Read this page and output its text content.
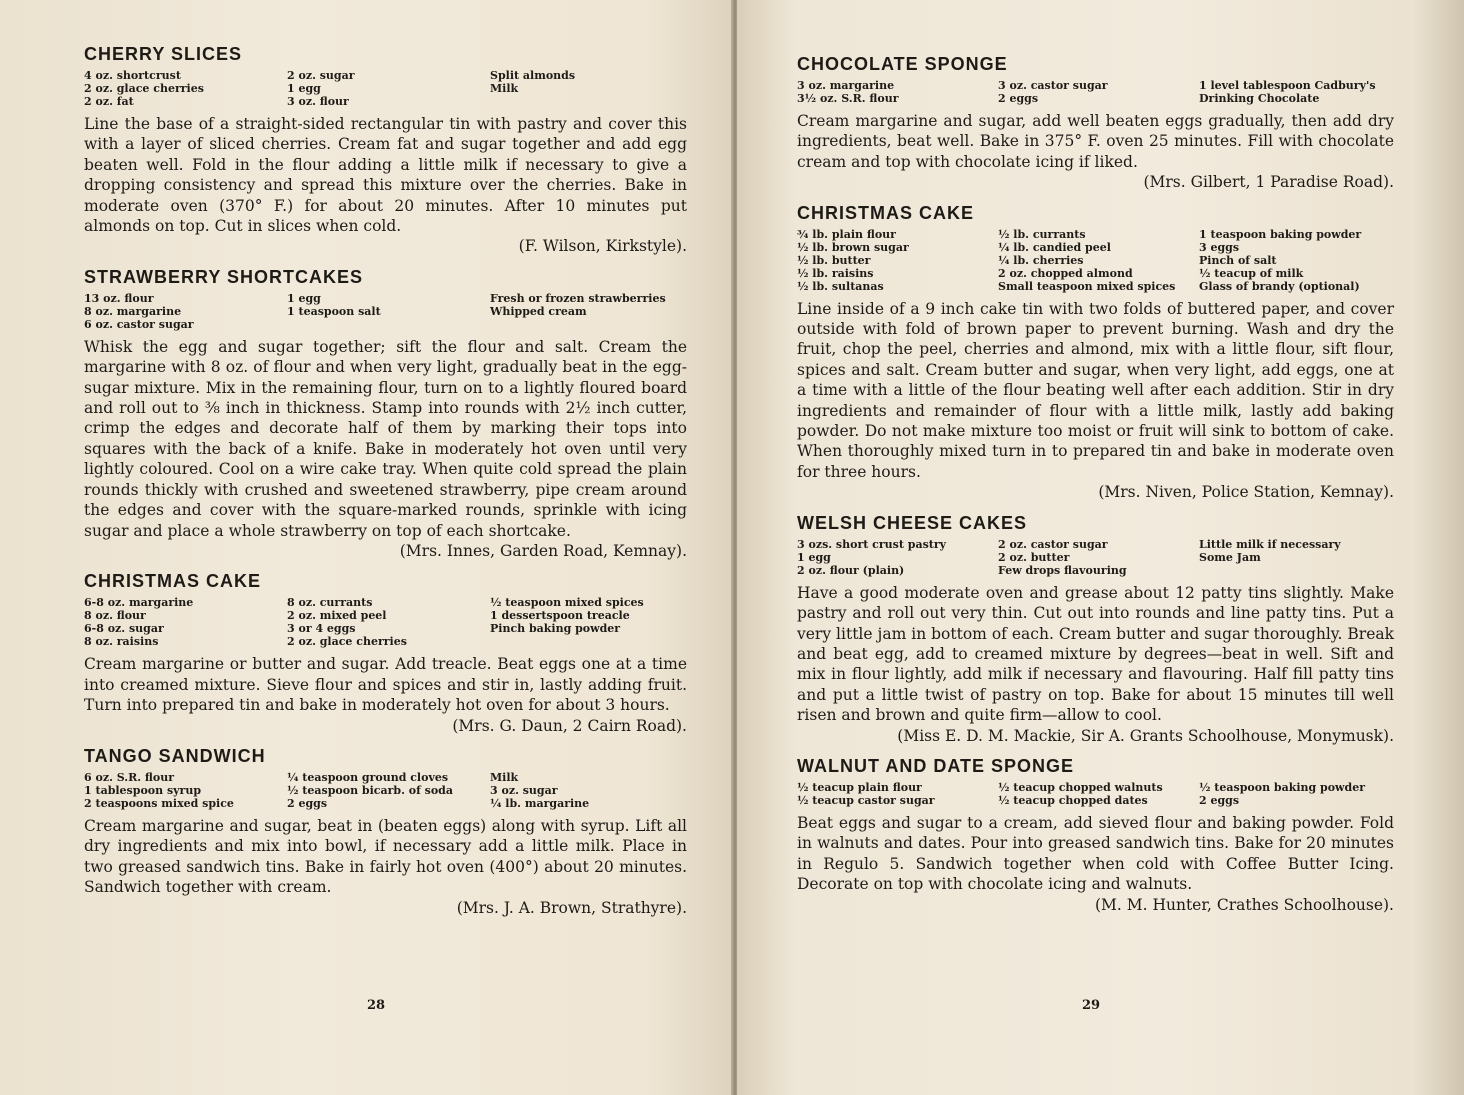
CHERRY SLICES
4 oz. shortcrust	2 oz. sugar	Split almonds
2 oz. glace cherries	1 egg	Milk
2 oz. fat	3 oz. flour

Line the base of a straight-sided rectangular tin with pastry and cover this with a layer of sliced cherries. Cream fat and sugar together and add egg beaten well. Fold in the flour adding a little milk if necessary to give a dropping consistency and spread this mixture over the cherries. Bake in moderate oven (370° F.) for about 20 minutes. After 10 minutes put almonds on top. Cut in slices when cold.

(F. Wilson, Kirkstyle).

STRAWBERRY SHORTCAKES
13 oz. flour	1 egg	Fresh or frozen strawberries
8 oz. margarine	1 teaspoon salt	Whipped cream
6 oz. castor sugar

Whisk the egg and sugar together; sift the flour and salt. Cream the margarine with 8 oz. of flour and when very light, gradually beat in the egg-sugar mixture. Mix in the remaining flour, turn on to a lightly floured board and roll out to ⅜ inch in thickness. Stamp into rounds with 2½ inch cutter, crimp the edges and decorate half of them by marking their tops into squares with the back of a knife. Bake in moderately hot oven until very lightly coloured. Cool on a wire cake tray. When quite cold spread the plain rounds thickly with crushed and sweetened strawberry, pipe cream around the edges and cover with the square-marked rounds, sprinkle with icing sugar and place a whole strawberry on top of each shortcake.

(Mrs. Innes, Garden Road, Kemnay).

CHRISTMAS CAKE
6-8 oz. margarine	8 oz. currants	½ teaspoon mixed spices
8 oz. flour	2 oz. mixed peel	1 dessertspoon treacle
6-8 oz. sugar	3 or 4 eggs	Pinch baking powder
8 oz. raisins	2 oz. glace cherries

Cream margarine or butter and sugar. Add treacle. Beat eggs one at a time into creamed mixture. Sieve flour and spices and stir in, lastly adding fruit. Turn into prepared tin and bake in moderately hot oven for about 3 hours.

(Mrs. G. Daun, 2 Cairn Road).

TANGO SANDWICH
6 oz. S.R. flour	¼ teaspoon ground cloves	Milk
1 tablespoon syrup	½ teaspoon bicarb. of soda	3 oz. sugar
2 teaspoons mixed spice	2 eggs	¼ lb. margarine

Cream margarine and sugar, beat in (beaten eggs) along with syrup. Lift all dry ingredients and mix into bowl, if necessary add a little milk. Place in two greased sandwich tins. Bake in fairly hot oven (400°) about 20 minutes. Sandwich together with cream.

(Mrs. J. A. Brown, Strathyre).

28
CHOCOLATE SPONGE
3 oz. margarine	3 oz. castor sugar	1 level tablespoon Cadbury's
3½ oz. S.R. flour	2 eggs	Drinking Chocolate

Cream margarine and sugar, add well beaten eggs gradually, then add dry ingredients, beat well. Bake in 375° F. oven 25 minutes. Fill with chocolate cream and top with chocolate icing if liked.

(Mrs. Gilbert, 1 Paradise Road).

CHRISTMAS CAKE
¾ lb. plain flour	½ lb. currants	1 teaspoon baking powder
½ lb. brown sugar	¼ lb. candied peel	3 eggs
½ lb. butter	¼ lb. cherries	Pinch of salt
½ lb. raisins	2 oz. chopped almond	½ teacup of milk
½ lb. sultanas	Small teaspoon mixed spices	Glass of brandy (optional)

Line inside of a 9 inch cake tin with two folds of buttered paper, and cover outside with fold of brown paper to prevent burning. Wash and dry the fruit, chop the peel, cherries and almond, mix with a little flour, sift flour, spices and salt. Cream butter and sugar, when very light, add eggs, one at a time with a little of the flour beating well after each addition. Stir in dry ingredients and remainder of flour with a little milk, lastly add baking powder. Do not make mixture too moist or fruit will sink to bottom of cake. When thoroughly mixed turn in to prepared tin and bake in moderate oven for three hours.

(Mrs. Niven, Police Station, Kemnay).

WELSH CHEESE CAKES
3 ozs. short crust pastry	2 oz. castor sugar	Little milk if necessary
1 egg	2 oz. butter	Some Jam
2 oz. flour (plain)	Few drops flavouring

Have a good moderate oven and grease about 12 patty tins slightly. Make pastry and roll out very thin. Cut out into rounds and line patty tins. Put a very little jam in bottom of each. Cream butter and sugar thoroughly. Break and beat egg, add to creamed mixture by degrees—beat in well. Sift and mix in flour lightly, add milk if necessary and flavouring. Half fill patty tins and put a little twist of pastry on top. Bake for about 15 minutes till well risen and brown and quite firm—allow to cool.

(Miss E. D. M. Mackie, Sir A. Grants Schoolhouse, Monymusk).

WALNUT AND DATE SPONGE
½ teacup plain flour	½ teacup chopped walnuts	½ teaspoon baking powder
½ teacup castor sugar	½ teacup chopped dates	2 eggs

Beat eggs and sugar to a cream, add sieved flour and baking powder. Fold in walnuts and dates. Pour into greased sandwich tins. Bake for 20 minutes in Regulo 5. Sandwich together when cold with Coffee Butter Icing. Decorate on top with chocolate icing and walnuts.

(M. M. Hunter, Crathes Schoolhouse).

29
